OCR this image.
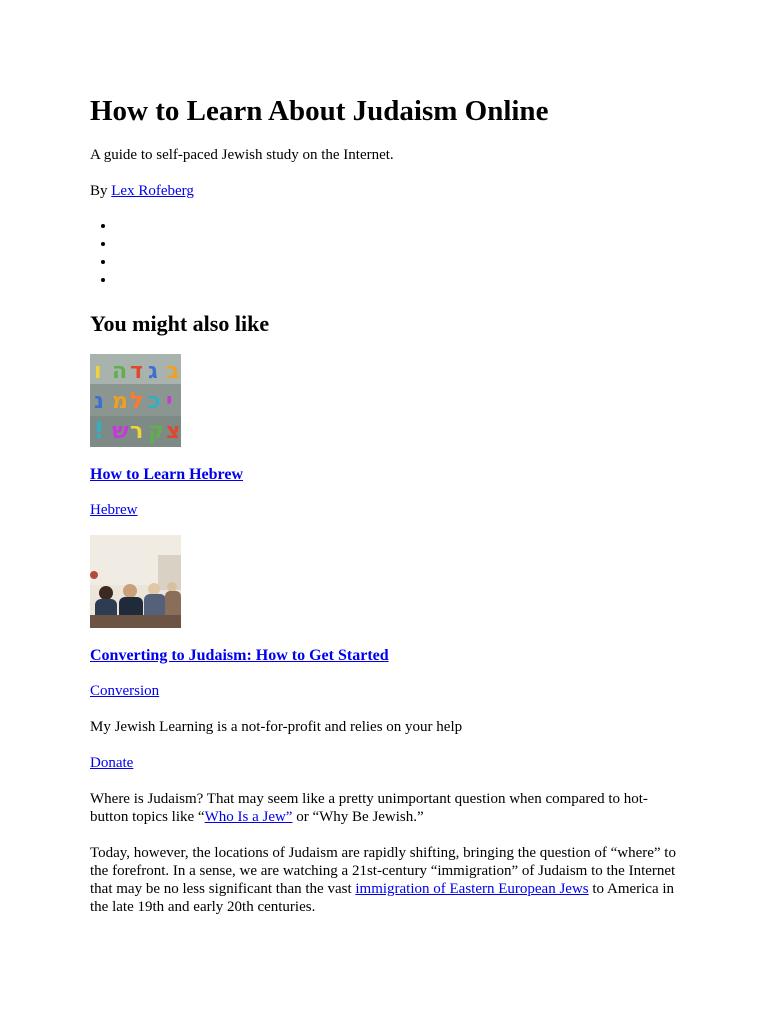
How to Learn About Judaism Online

A guide to self-paced Jewish study on the Internet.

By Lex Rofeberg

•
•
•
•
You might also like
ב
ג
ד
ה
ו
י
כ
ל
מ
נ
צ
ק
ר
ש
!
How to Learn Hebrew

Hebrew

Converting to Judaism: How to Get Started

Conversion

My Jewish Learning is a not-for-profit and relies on your help

Donate

Where is Judaism? That may seem like a pretty unimportant question when compared to hot-button topics like “Who Is a Jew” or “Why Be Jewish.”

Today, however, the locations of Judaism are rapidly shifting, bringing the question of “where” to the forefront. In a sense, we are watching a 21st-century “immigration” of Judaism to the Internet that may be no less significant than the vast immigration of Eastern European Jews to America in the late 19th and early 20th centuries.
